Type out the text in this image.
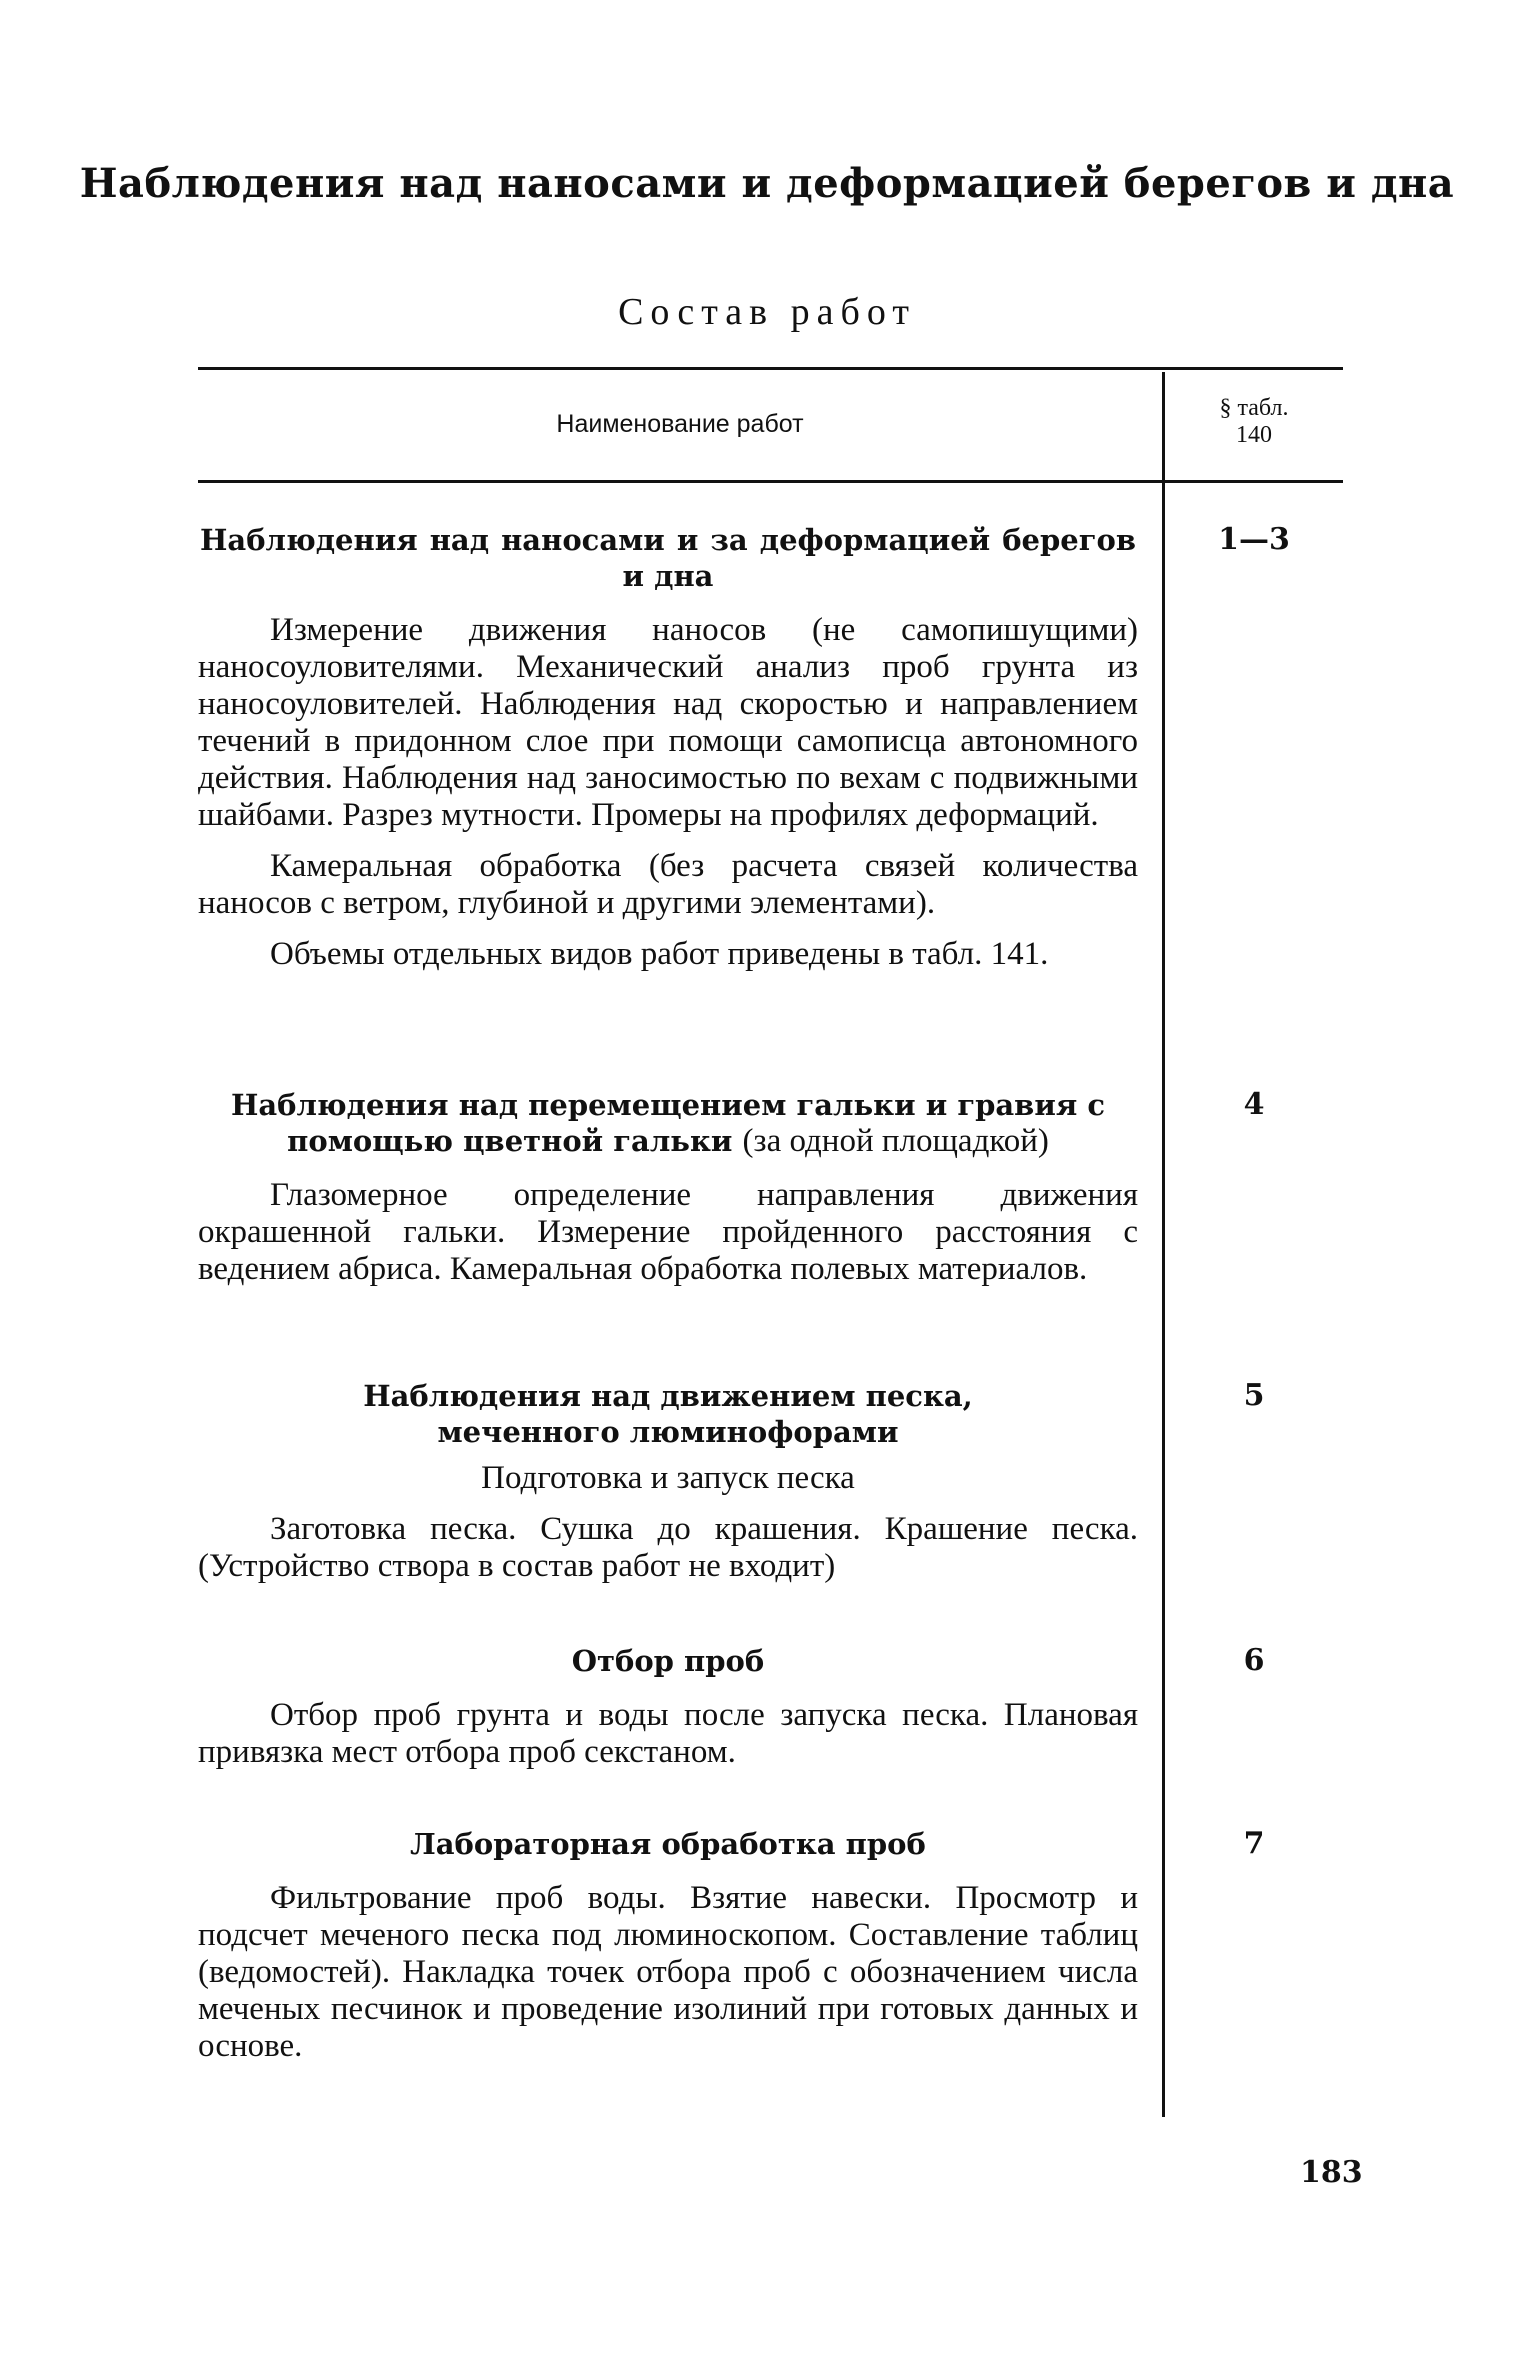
Наблюдения над наносами и деформацией берегов и дна
Состав работ
Наименование работ
§ табл.
140
Наблюдения над наносами и за деформацией берегов и дна

Измерение движения наносов (не самопишущими) наносоуловителями. Механический анализ проб грунта из наносоуловителей. Наблюдения над скоростью и направлением течений в придонном слое при помощи самописца автономного действия. Наблюдения над заносимостью по вехам с подвижными шайбами. Разрез мутности. Промеры на профилях деформаций.

Камеральная обработка (без расчета связей количества наносов с ветром, глубиной и другими элементами).

Объемы отдельных видов работ приведены в табл. 141.

1—3
Наблюдения над перемещением гальки и гравия с помощью цветной гальки (за одной площадкой)

Глазомерное определение направления движения окрашенной гальки. Измерение пройденного расстояния с ведением абриса. Камеральная обработка полевых материалов.

4
Наблюдения над движением песка, меченного люминофорами
Подготовка и запуск песка

Заготовка песка. Сушка до крашения. Крашение песка. (Устройство створа в состав работ не входит)

5
Отбор проб

Отбор проб грунта и воды после запуска песка. Плановая привязка мест отбора проб секстаном.

6
Лабораторная обработка проб

Фильтрование проб воды. Взятие навески. Просмотр и подсчет меченого песка под люминоскопом. Составление таблиц (ведомостей). Накладка точек отбора проб с обозначением числа меченых песчинок и проведение изолиний при готовых данных и основе.

7
183
